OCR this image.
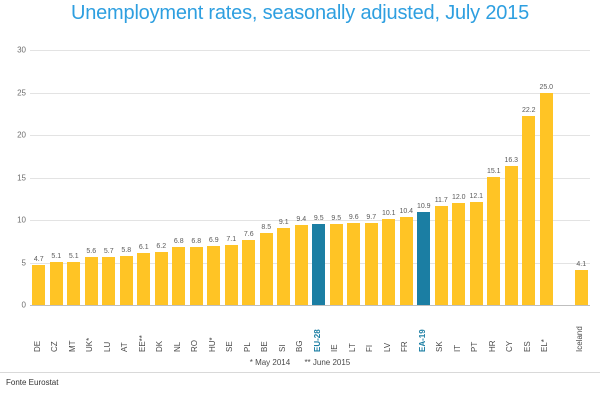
Unemployment rates, seasonally adjusted, July 2015
0
5
10
15
20
25
30
4.7	5.1	5.1
5.6	5.7	5.8	6.1	6.2
6.8	6.8	6.9	7.1
7.6
8.5
9.1	9.4	9.5	9.5	9.6	9.7 10.1 10.4
10.9
11.7 12.0 12.1
15.1
16.3
22.2
25.0
4.1
DE CZ MT UK* LU AT EE** DK NL RO HU* SE PL BE SI BG EU-28 IE LT FI LV FR EA-19 SK IT PT HR CY ES EL*	Iceland
* May 2014 ** June 2015
Fonte Eurostat
